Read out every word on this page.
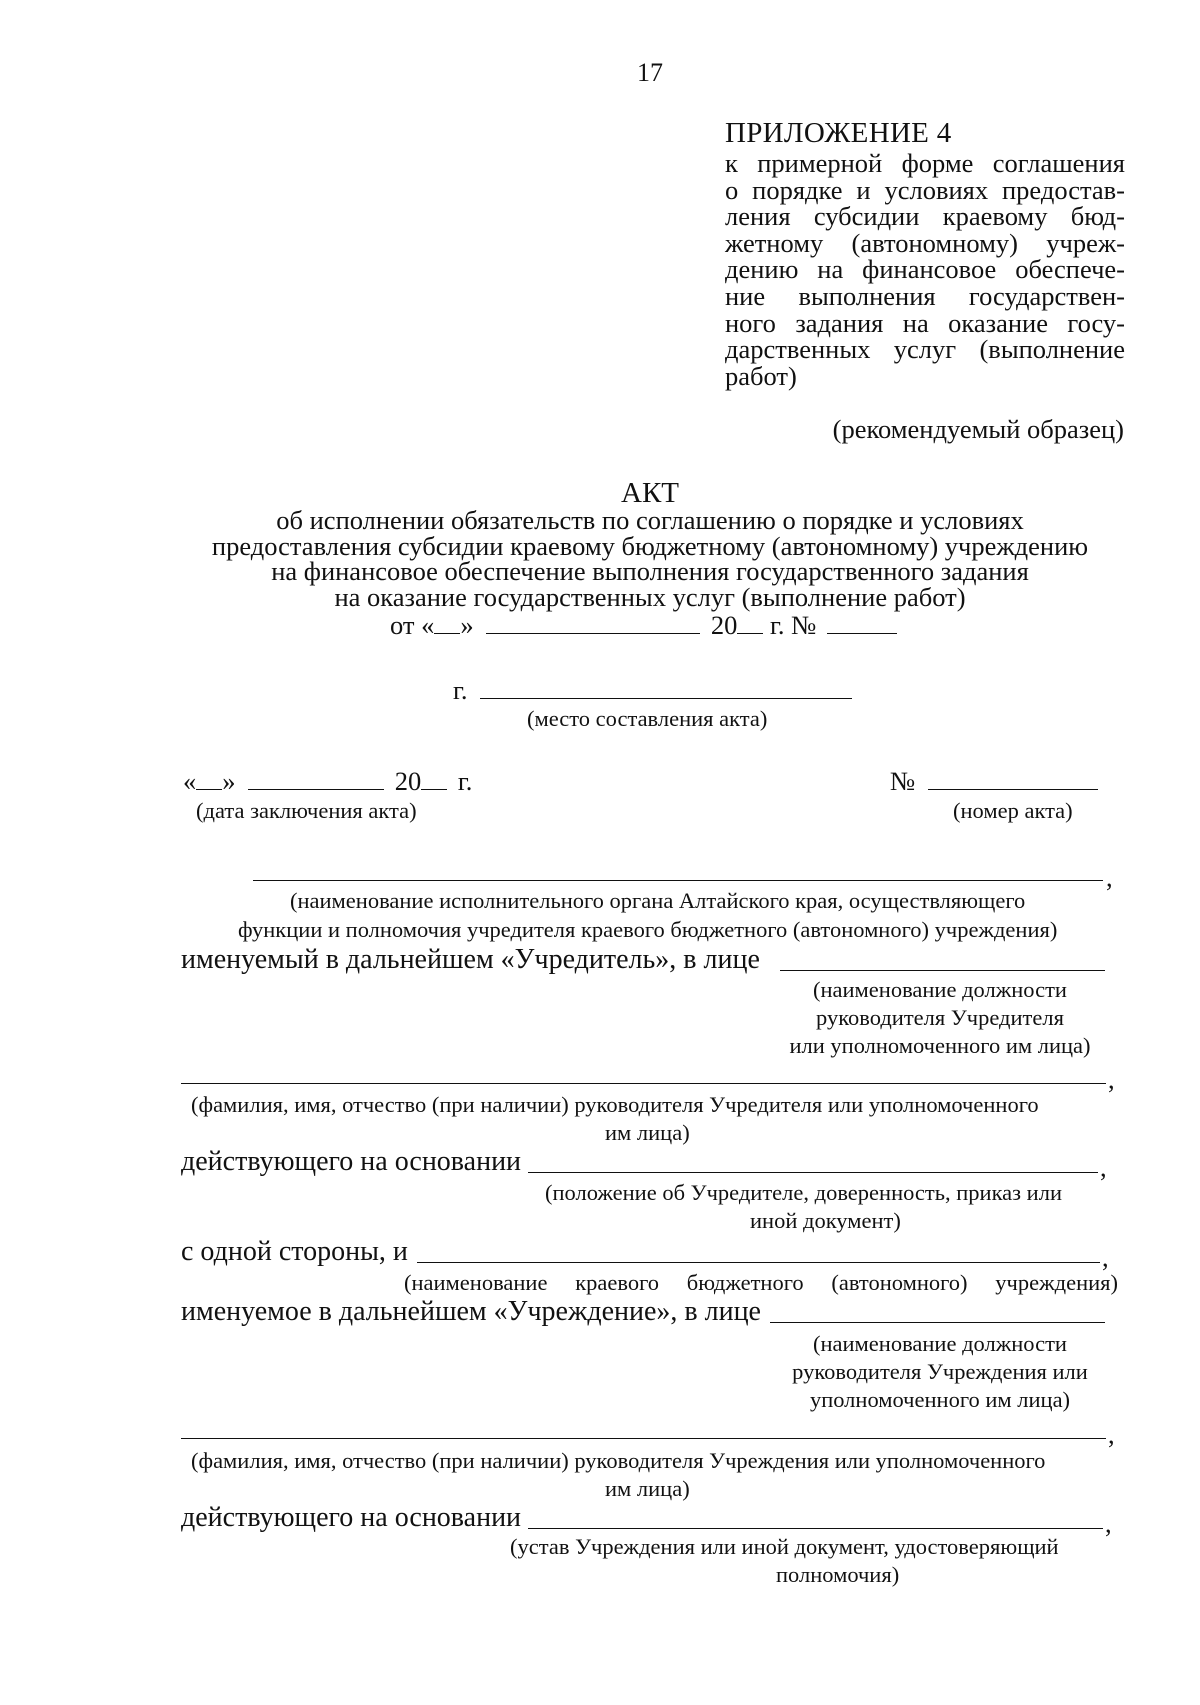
17
ПРИЛОЖЕНИЕ 4
к примерной форме соглашения
о порядке и условиях предостав-
ления субсидии краевому бюд-
жетному (автономному) учреж-
дению на финансовое обеспече-
ние выполнения государствен-
ного задания на оказание госу-
дарственных услуг (выполнение
работ)
(рекомендуемый образец)
АКТ
об исполнении обязательств по соглашению о порядке и условиях
предоставления субсидии краевому бюджетному (автономному) учреждению
на финансовое обеспечение выполнения государственного задания
на оказание государственных услуг (выполнение работ)
от « »	20 г. №
г.
(место составления акта)
« »	20 г.
(дата заключения акта)
№
(номер акта)
,
(наименование исполнительного органа Алтайского края, осуществляющего
функции и полномочия учредителя краевого бюджетного (автономного) учреждения)
именуемый в дальнейшем «Учредитель», в лице
(наименование должности
руководителя Учредителя
или уполномоченного им лица)
,
(фамилия, имя, отчество (при наличии) руководителя Учредителя или уполномоченного
им лица)
действующего на основании	,
(положение об Учредителе, доверенность, приказ или
иной документ)
с одной стороны, и	,
(наименование краевого бюджетного (автономного) учреждения)
именуемое в дальнейшем «Учреждение», в лице
(наименование должности
руководителя Учреждения или
уполномоченного им лица)
,
(фамилия, имя, отчество (при наличии) руководителя Учреждения или уполномоченного
им лица)
действующего на основании	,
(устав Учреждения или иной документ, удостоверяющий
полномочия)
